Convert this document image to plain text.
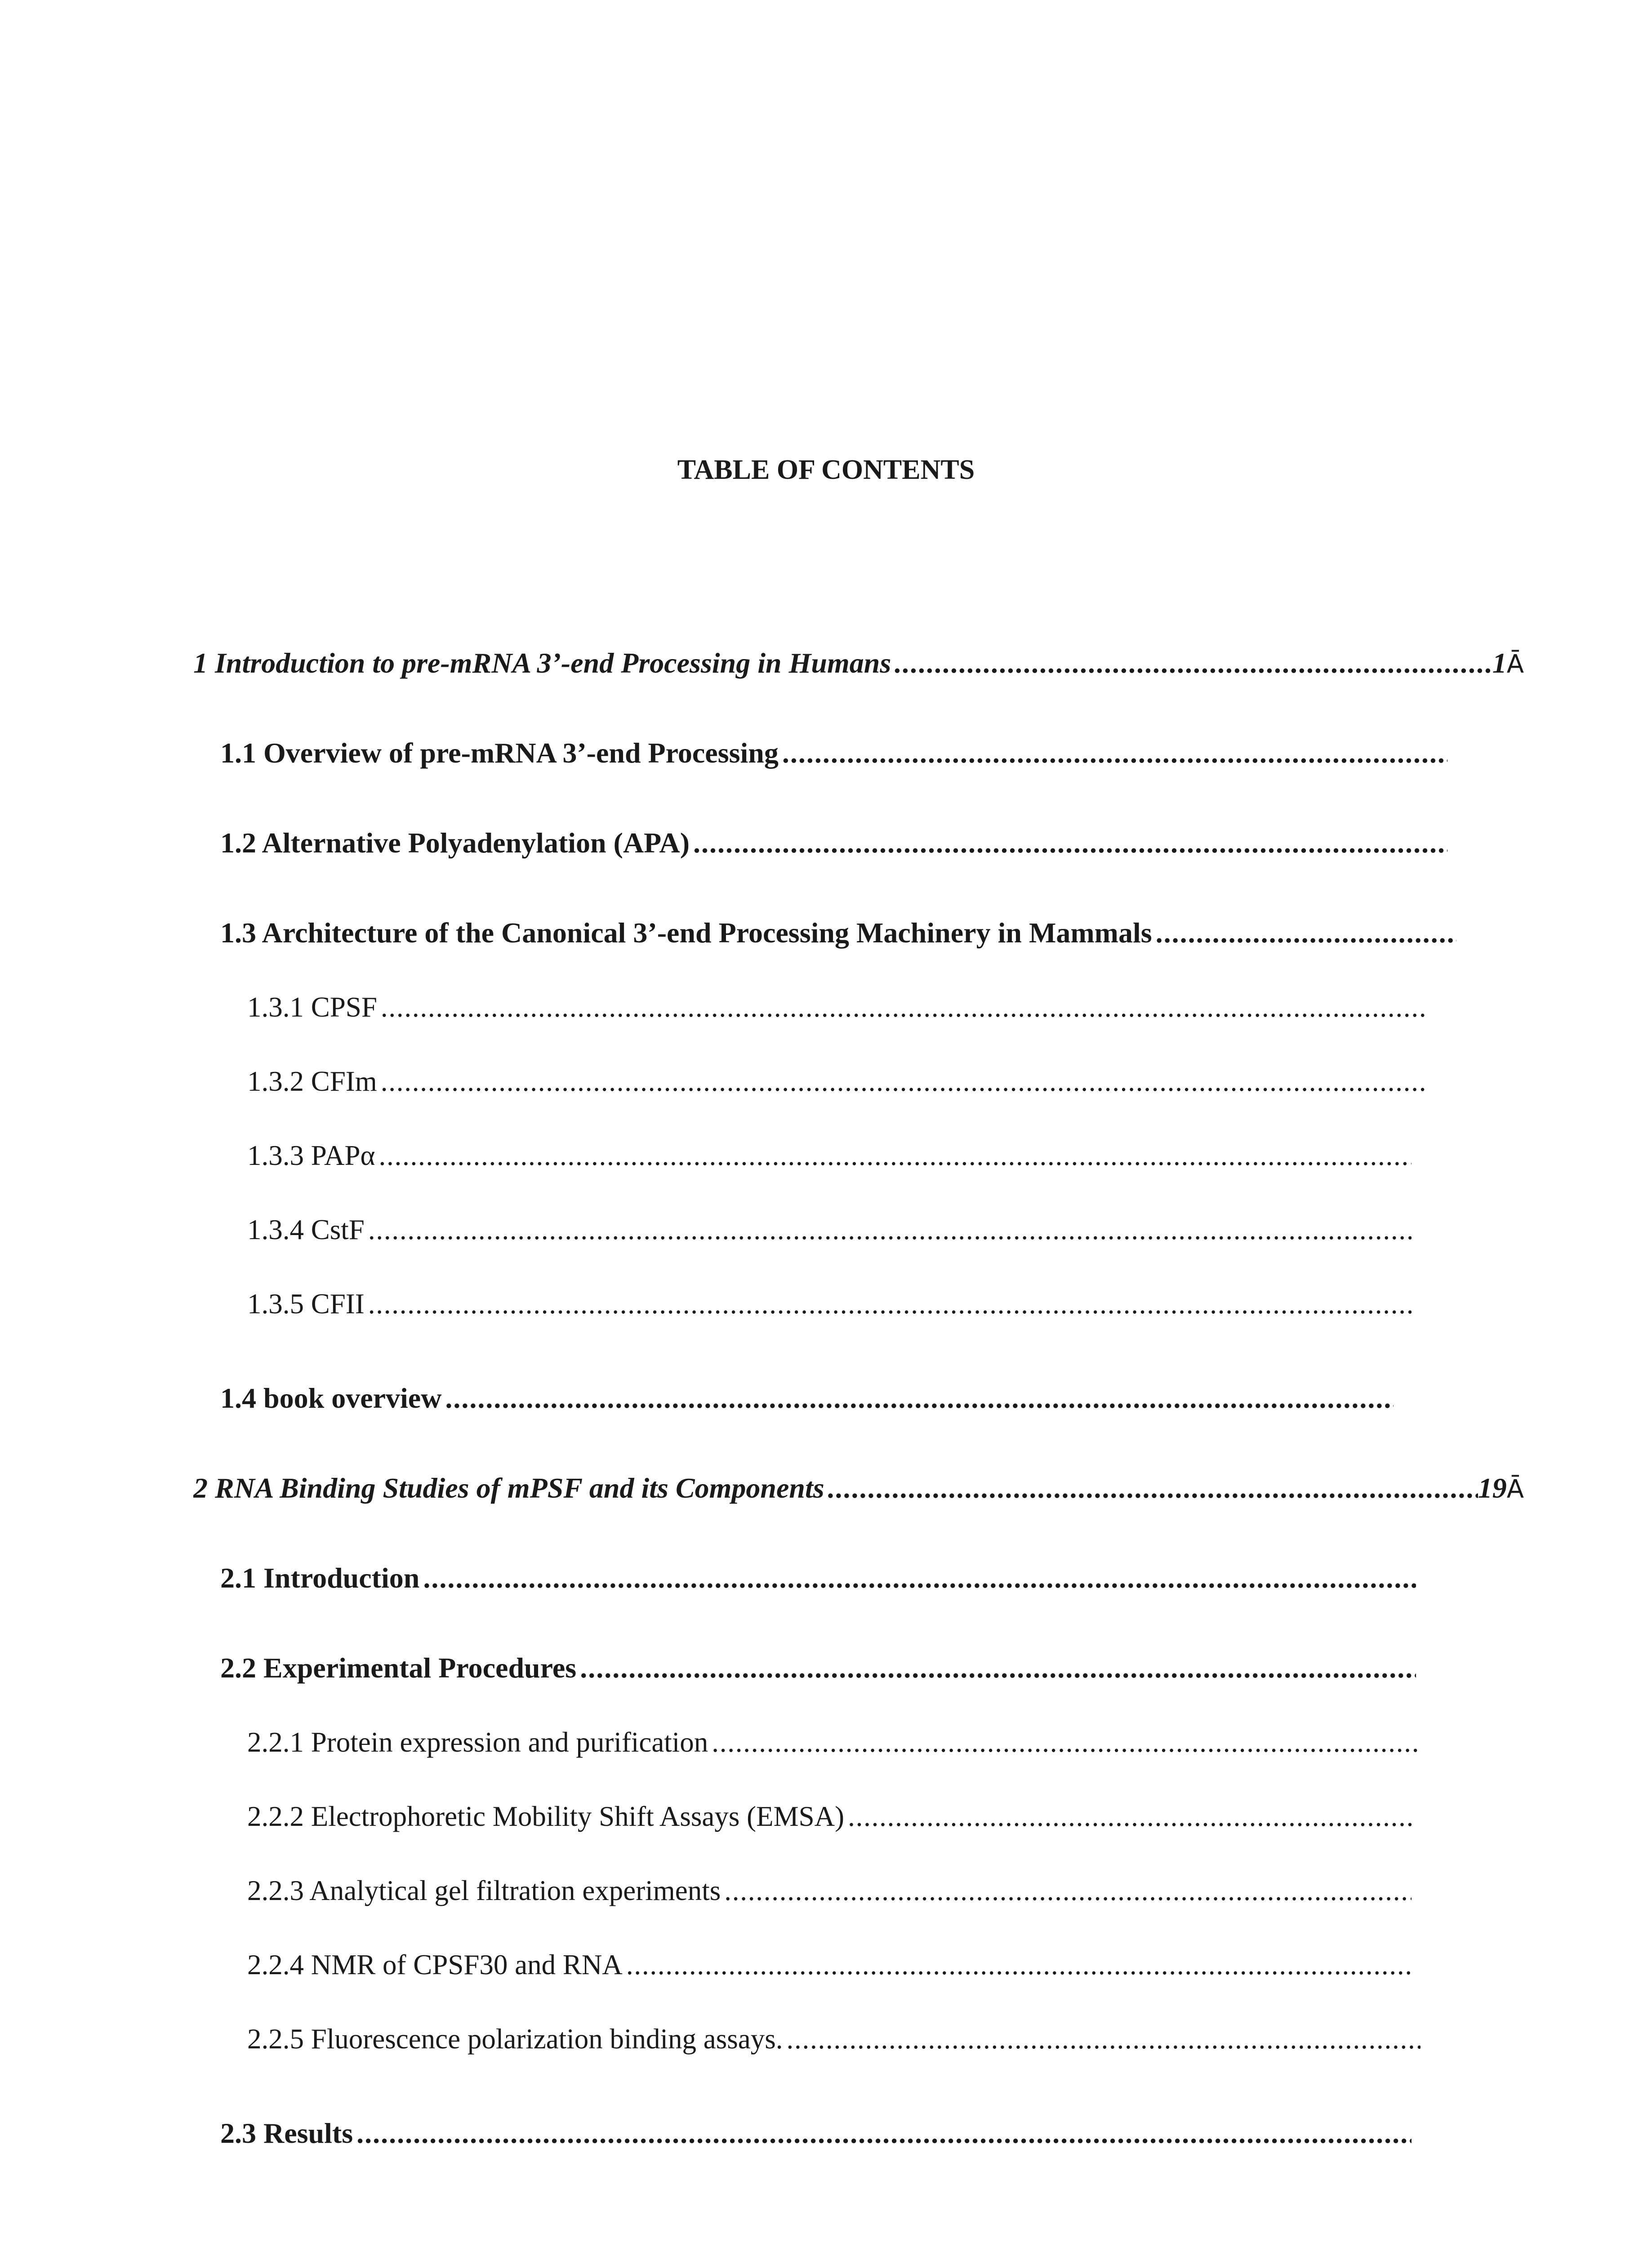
TABLE OF CONTENTS
1 Introduction to pre-mRNA 3’-end Processing in Humans . . .	1 Ā
1.1 Overview of pre-mRNA 3’-end Processing
. . .
1.2 Alternative Polyadenylation (APA)
. . .
1.3 Architecture of the Canonical 3’-end Processing Machinery in Mammals
. . .
1.3.1 CPSF
. . .
1.3.2 CFIm
. . .
1.3.3 PAPα
. . .
1.3.4 CstF
. . .
1.3.5 CFII
. . .
1.4 book overview
. . .
2 RNA Binding Studies of mPSF and its Components . . .	19 Ā
2.1 Introduction
. . .
2.2 Experimental Procedures
. . .
2.2.1 Protein expression and purification
. . .
2.2.2 Electrophoretic Mobility Shift Assays (EMSA)
. . .
2.2.3 Analytical gel filtration experiments
. . .
2.2.4 NMR of CPSF30 and RNA
. . .
2.2.5 Fluorescence polarization binding assays.
. . .
2.3 Results
. . .
